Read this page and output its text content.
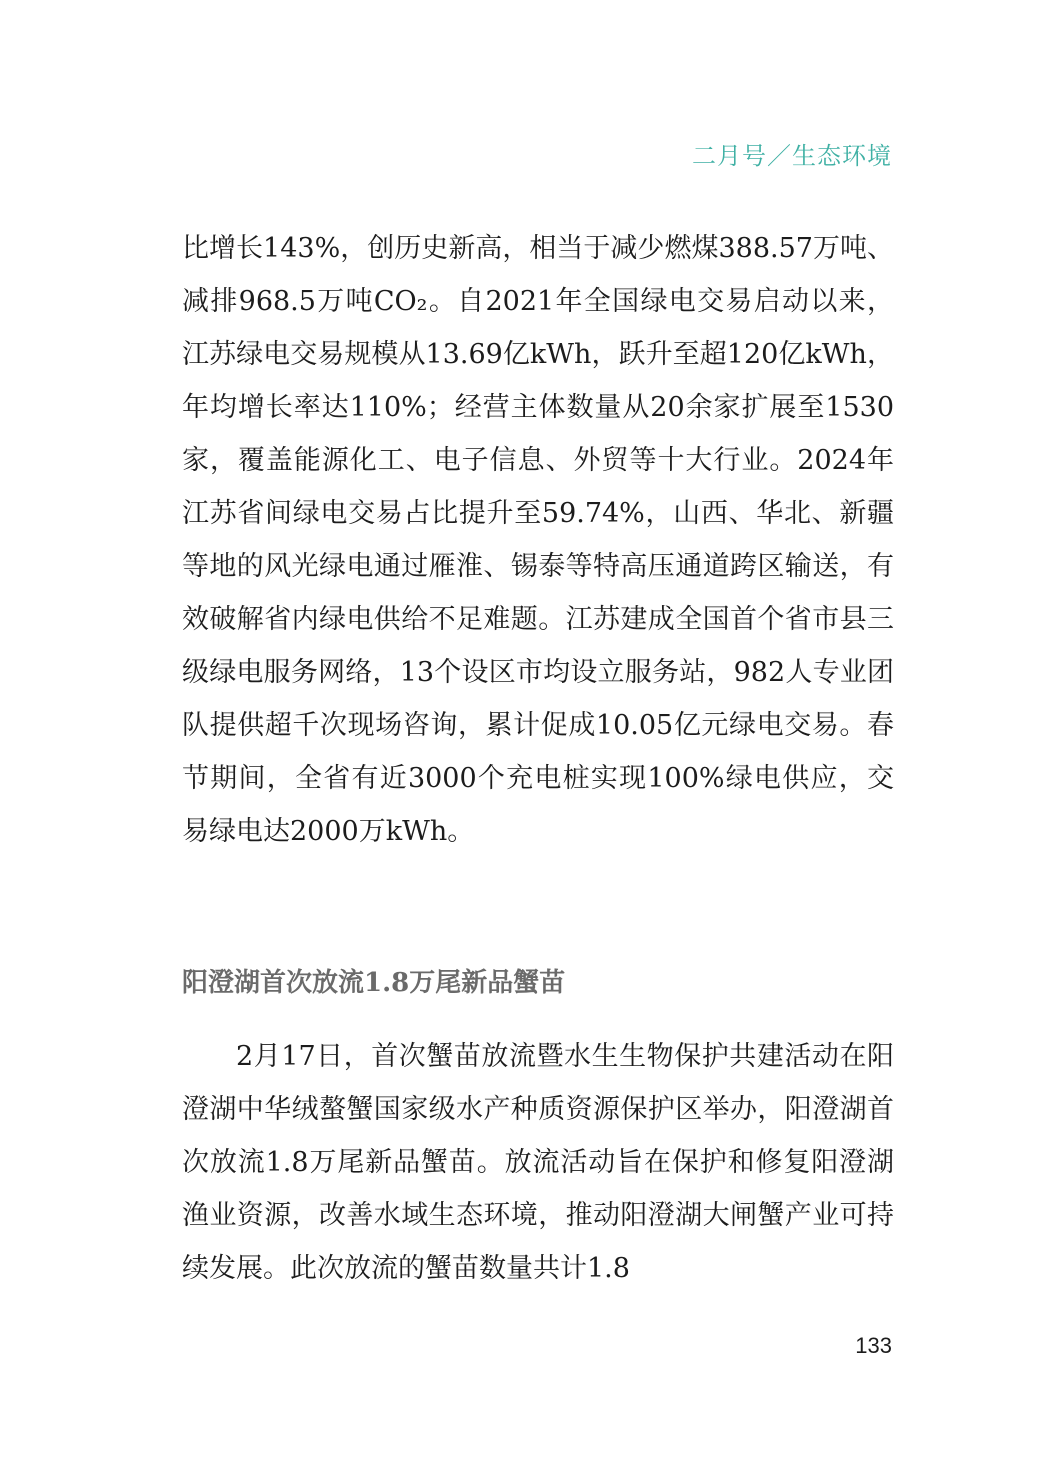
二月号／生态环境

比增长143%，创历史新高，相当于减少燃煤388.57万吨、减排968.5万吨CO₂。自2021年全国绿电交易启动以来，江苏绿电交易规模从13.69亿kWh，跃升至超120亿kWh，年均增长率达110%；经营主体数量从20余家扩展至1530家，覆盖能源化工、电子信息、外贸等十大行业。2024年江苏省间绿电交易占比提升至59.74%，山西、华北、新疆等地的风光绿电通过雁淮、锡泰等特高压通道跨区输送，有效破解省内绿电供给不足难题。江苏建成全国首个省市县三级绿电服务网络，13个设区市均设立服务站，982人专业团队提供超千次现场咨询，累计促成10.05亿元绿电交易。春节期间，全省有近3000个充电桩实现100%绿电供应，交易绿电达2000万kWh。

阳澄湖首次放流1.8万尾新品蟹苗

2月17日，首次蟹苗放流暨水生生物保护共建活动在阳澄湖中华绒螯蟹国家级水产种质资源保护区举办，阳澄湖首次放流1.8万尾新品蟹苗。放流活动旨在保护和修复阳澄湖渔业资源，改善水域生态环境，推动阳澄湖大闸蟹产业可持续发展。此次放流的蟹苗数量共计1.8

133
